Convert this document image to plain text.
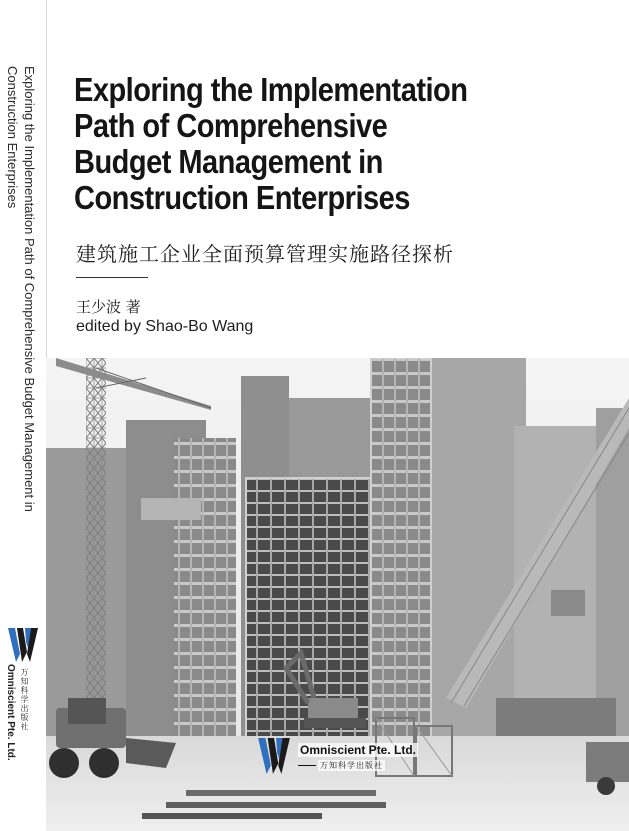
Exploring the Implementation Path of Comprehensive Budget Management in
Construction Enterprises
万知科学出版社
Omniscient Pte. Ltd.
Exploring the Implementation
Path of Comprehensive
Budget Management in
Construction Enterprises
建筑施工企业全面预算管理实施路径探析
王少波 著
edited by Shao-Bo Wang
Omniscient Pte. Ltd.
万知科学出版社
